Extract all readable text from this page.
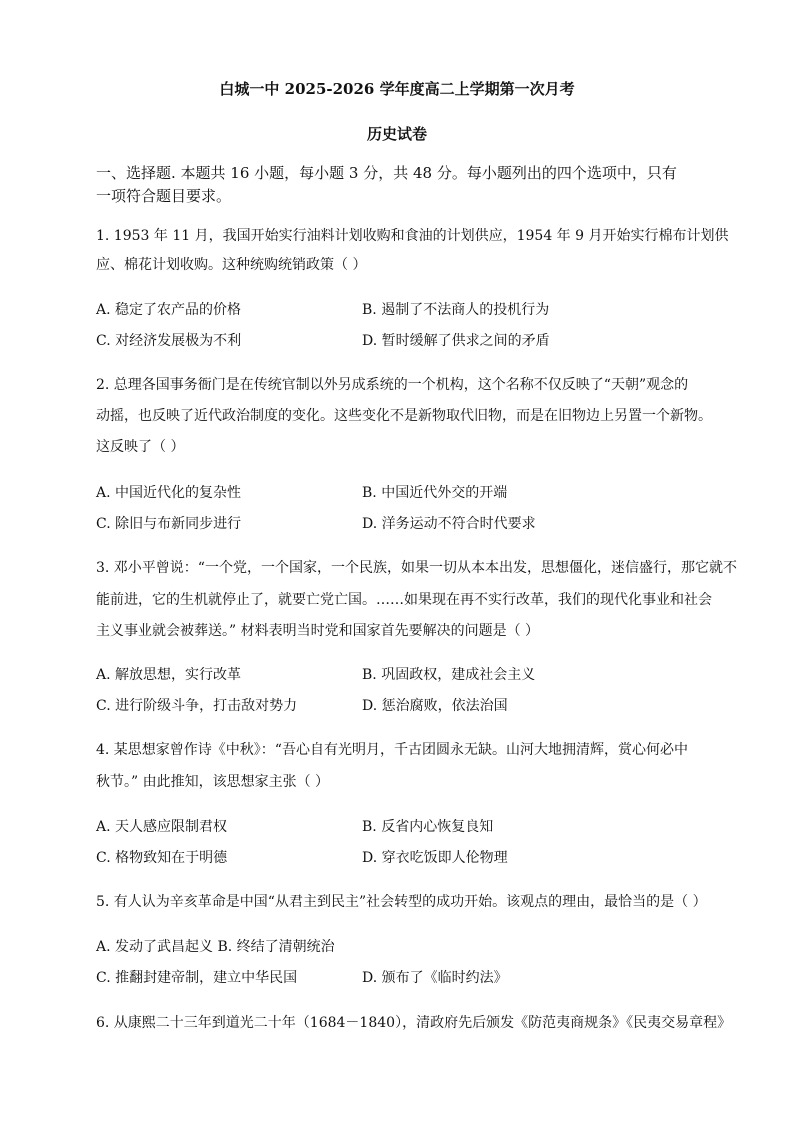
白城一中 2025-2026 学年度高二上学期第一次月考
历史试卷
一、选择题. 本题共 16 小题，每小题 3 分，共 48 分。每小题列出的四个选项中，只有
一项符合题目要求。
1. 1953 年 11 月，我国开始实行油料计划收购和食油的计划供应，1954 年 9 月开始实行棉布计划供
应、棉花计划收购。这种统购统销政策（ ）
A. 稳定了农产品的价格	B. 遏制了不法商人的投机行为
C. 对经济发展极为不利	D. 暂时缓解了供求之间的矛盾
2. 总理各国事务衙门是在传统官制以外另成系统的一个机构，这个名称不仅反映了“天朝”观念的
动摇，也反映了近代政治制度的变化。这些变化不是新物取代旧物，而是在旧物边上另置一个新物。
这反映了（ ）
A. 中国近代化的复杂性	B. 中国近代外交的开端
C. 除旧与布新同步进行	D. 洋务运动不符合时代要求
3. 邓小平曾说：“一个党，一个国家，一个民族，如果一切从本本出发，思想僵化，迷信盛行，那它就不
能前进，它的生机就停止了，就要亡党亡国。……如果现在再不实行改革，我们的现代化事业和社会
主义事业就会被葬送。” 材料表明当时党和国家首先要解决的问题是（ ）
A. 解放思想，实行改革	B. 巩固政权，建成社会主义
C. 进行阶级斗争，打击敌对势力	D. 惩治腐败，依法治国
4. 某思想家曾作诗《中秋》：“吾心自有光明月，千古团圆永无缺。山河大地拥清辉，赏心何必中
秋节。” 由此推知，该思想家主张（ ）
A. 天人感应限制君权	B. 反省内心恢复良知
C. 格物致知在于明德	D. 穿衣吃饭即人伦物理
5. 有人认为辛亥革命是中国“从君主到民主”社会转型的成功开始。该观点的理由，最恰当的是（ ）
A. 发动了武昌起义 B. 终结了清朝统治
C. 推翻封建帝制，建立中华民国	D. 颁布了《临时约法》
6. 从康熙二十三年到道光二十年（1684－1840），清政府先后颁发《防范夷商规条》《民夷交易章程》
